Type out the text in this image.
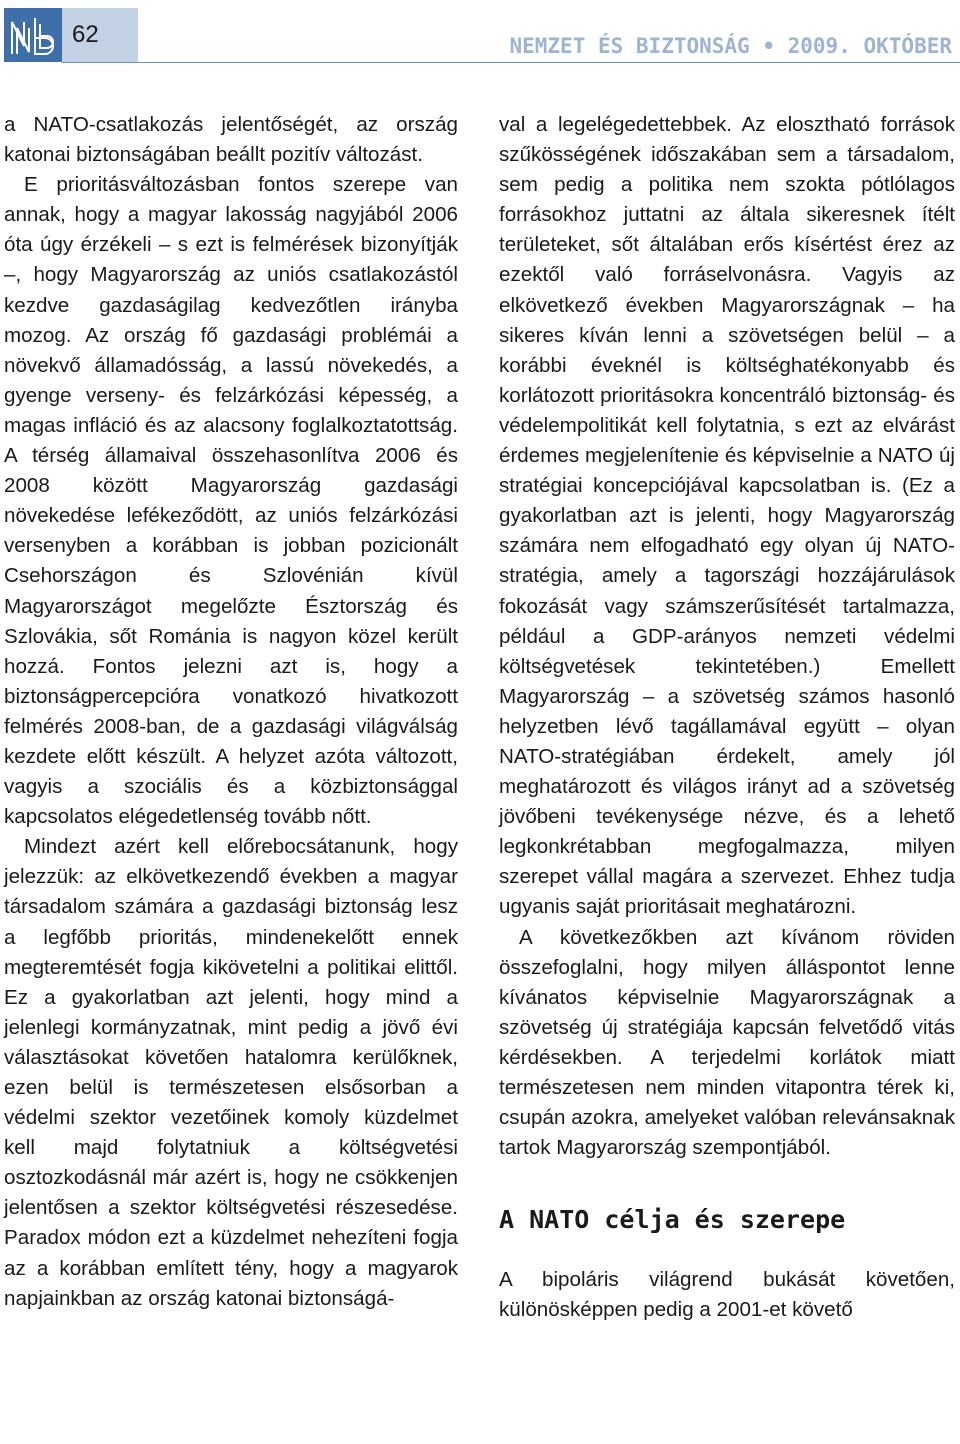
62	NEMZET ÉS BIZTONSÁG • 2009. OKTÓBER

a NATO-csatlakozás jelentőségét, az ország katonai biztonságában beállt pozitív változást.

E prioritásváltozásban fontos szerepe van annak, hogy a magyar lakosság nagyjából 2006 óta úgy érzékeli – s ezt is felmérések bizonyítják –, hogy Magyarország az uniós csatlakozástól kezdve gazdaságilag kedvezőtlen irányba mozog. Az ország fő gazdasági problémái a növekvő államadósság, a lassú növekedés, a gyenge verseny- és felzárkózási képesség, a magas infláció és az alacsony foglalkoztatottság. A térség államaival összehasonlítva 2006 és 2008 között Magyarország gazdasági növekedése lefékeződött, az uniós felzárkózási versenyben a korábban is jobban pozicionált Csehországon és Szlovénián kívül Magyarországot megelőzte Észtország és Szlovákia, sőt Románia is nagyon közel került hozzá. Fontos jelezni azt is, hogy a biztonságpercepcióra vonatkozó hivatkozott felmérés 2008-ban, de a gazdasági világválság kezdete előtt készült. A helyzet azóta változott, vagyis a szociális és a közbiztonsággal kapcsolatos elégedetlenség tovább nőtt.

Mindezt azért kell előrebocsátanunk, hogy jelezzük: az elkövetkezendő években a magyar társadalom számára a gazdasági biztonság lesz a legfőbb prioritás, mindenekelőtt ennek megteremtését fogja kikövetelni a politikai elittől. Ez a gyakorlatban azt jelenti, hogy mind a jelenlegi kormányzatnak, mint pedig a jövő évi választásokat követően hatalomra kerülőknek, ezen belül is természetesen elsősorban a védelmi szektor vezetőinek komoly küzdelmet kell majd folytatniuk a költségvetési osztozkodásnál már azért is, hogy ne csökkenjen jelentősen a szektor költségvetési részesedése. Paradox módon ezt a küzdelmet nehezíteni fogja az a korábban említett tény, hogy a magyarok napjainkban az ország katonai biztonságá-

val a legelégedettebbek. Az elosztható források szűkösségének időszakában sem a társadalom, sem pedig a politika nem szokta pótlólagos forrásokhoz juttatni az általa sikeresnek ítélt területeket, sőt általában erős kísértést érez az ezektől való forráselvonásra. Vagyis az elkövetkező években Magyarországnak – ha sikeres kíván lenni a szövetségen belül – a korábbi éveknél is költséghatékonyabb és korlátozott prioritásokra koncentráló biztonság- és védelempolitikát kell folytatnia, s ezt az elvárást érdemes megjelenítenie és képviselnie a NATO új stratégiai koncepciójával kapcsolatban is. (Ez a gyakorlatban azt is jelenti, hogy Magyarország számára nem elfogadható egy olyan új NATO-stratégia, amely a tagországi hozzájárulások fokozását vagy számszerűsítését tartalmazza, például a GDP-arányos nemzeti védelmi költségvetések tekintetében.) Emellett Magyarország – a szövetség számos hasonló helyzetben lévő tagállamával együtt – olyan NATO-stratégiában érdekelt, amely jól meghatározott és világos irányt ad a szövetség jövőbeni tevékenysége nézve, és a lehető legkonkrétabban megfogalmazza, milyen szerepet vállal magára a szervezet. Ehhez tudja ugyanis saját prioritásait meghatározni.

A következőkben azt kívánom röviden összefoglalni, hogy milyen álláspontot lenne kívánatos képviselnie Magyarországnak a szövetség új stratégiája kapcsán felvetődő vitás kérdésekben. A terjedelmi korlátok miatt természetesen nem minden vitapontra térek ki, csupán azokra, amelyeket valóban relevánsaknak tartok Magyarország szempontjából.

A NATO célja és szerepe

A bipoláris világrend bukását követően, különösképpen pedig a 2001-et követő
